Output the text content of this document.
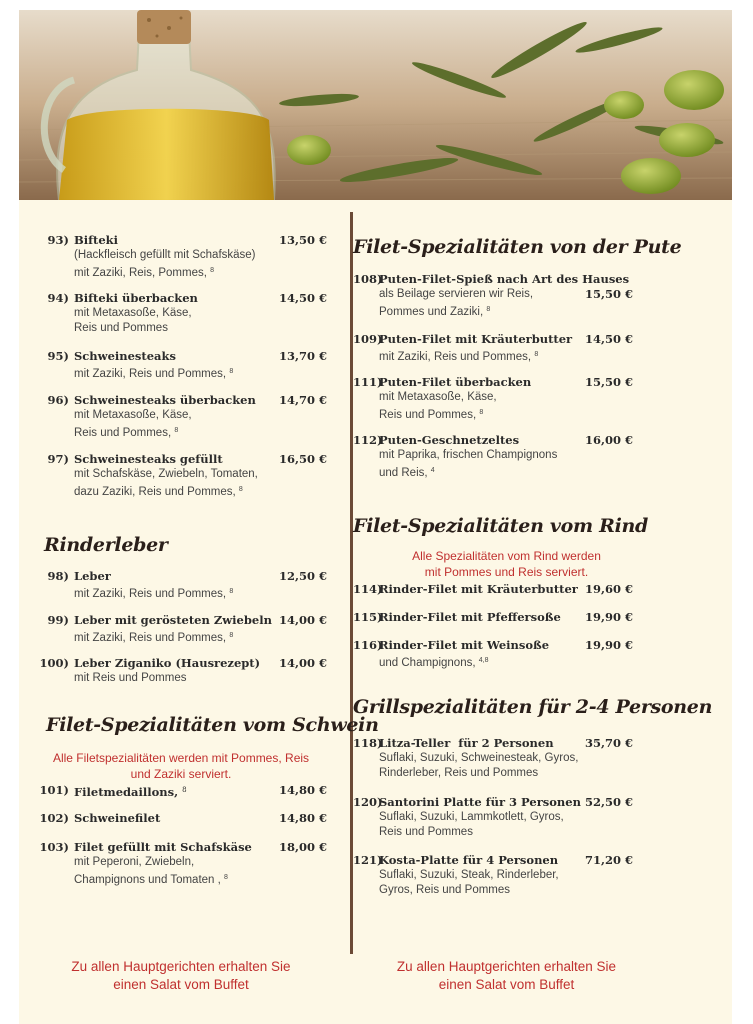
93) Bifteki	13,50 €
(Hackfleisch gefüllt mit Schafskäse)
mit Zaziki, Reis, Pommes, $^8$
94) Bifteki überbacken	14,50 €
mit Metaxasoße, Käse,
Reis und Pommes
95) Schweinesteaks	13,70 €
mit Zaziki, Reis und Pommes, $^8$
96) Schweinesteaks überbacken 14,70 €
mit Metaxasoße, Käse,
Reis und Pommes, $^8$
97) Schweinesteaks gefüllt	16,50 €
mit Schafskäse, Zwiebeln, Tomaten,
dazu Zaziki, Reis und Pommes, $^8$
Rinderleber
98) Leber	12,50 €
mit Zaziki, Reis und Pommes, $^8$
99) Leber mit gerösteten Zwiebeln 14,00 €
mit Zaziki, Reis und Pommes, $^8$
100) Leber Ziganiko (Hausrezept) 14,00 €
mit Reis und Pommes
Filet-Spezialitäten vom Schwein
Alle Filetspezialitäten werden mit Pommes, Reis
und Zaziki serviert.
101) Filetmedaillons, $^8$	14,80 €
102) Schweinefilet	14,80 €
103) Filet gefüllt mit Schafskäse 18,00 €
mit Peperoni, Zwiebeln,
Champignons und Tomaten , $^8$
Zu allen Hauptgerichten erhalten Sie
einen Salat vom Buffet
Filet-Spezialitäten von der Pute
108)
Puten-Filet-Spieß nach Art des Hauses
15,50 €
als Beilage servieren wir Reis,
Pommes und Zaziki, $^8$
109)
Puten-Filet mit Kräuterbutter 14,50 €
mit Zaziki, Reis und Pommes, $^8$
111)
Puten-Filet überbacken	15,50 €
mit Metaxasoße, Käse,
Reis und Pommes, $^8$
112)
Puten-Geschnetzeltes	16,00 €
mit Paprika, frischen Champignons
und Reis, $^4$
Filet-Spezialitäten vom Rind
Alle Spezialitäten vom Rind werden
mit Pommes und Reis serviert.
114)
Rinder-Filet mit Kräuterbutter 19,60 €
115)
Rinder-Filet mit Pfeffersoße 19,90 €
116)
Rinder-Filet mit Weinsoße	19,90 €
und Champignons, $^{4,8}$
Grillspezialitäten für 2-4 Personen
118)
Litza-Teller  für 2 Personen	35,70 €
Suflaki, Suzuki, Schweinesteak, Gyros,
Rinderleber, Reis und Pommes
120)
Santorini Platte für 3 Personen 52,50 €
Suflaki, Suzuki, Lammkotlett, Gyros,
Reis und Pommes
121)
Kosta-Platte für 4 Personen 71,20 €
Suflaki, Suzuki, Steak, Rinderleber,
Gyros, Reis und Pommes
Zu allen Hauptgerichten erhalten Sie
einen Salat vom Buffet
